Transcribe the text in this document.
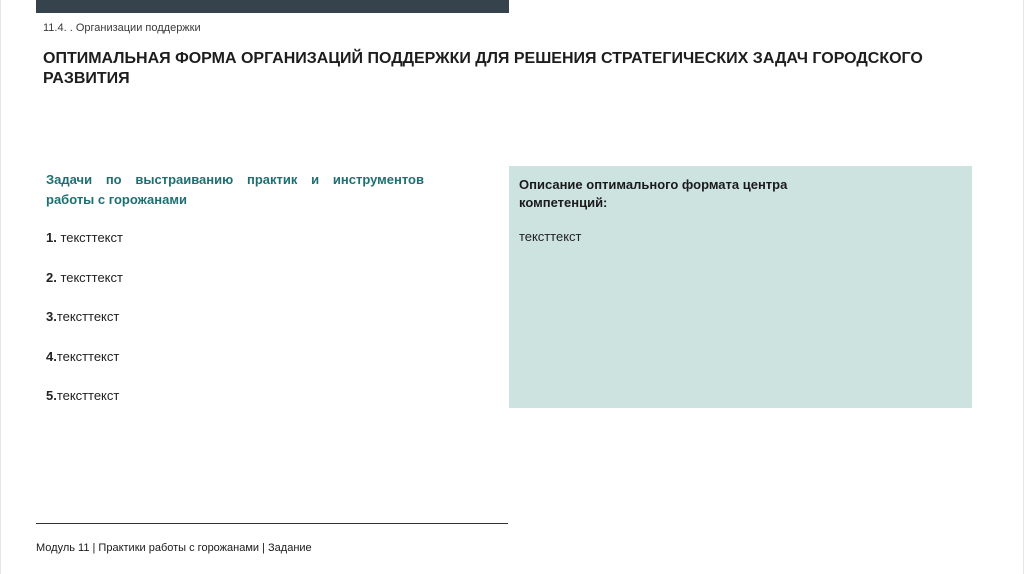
11.4. . Организации поддержки
ОПТИМАЛЬНАЯ ФОРМА ОРГАНИЗАЦИЙ ПОДДЕРЖКИ ДЛЯ РЕШЕНИЯ СТРАТЕГИЧЕСКИХ ЗАДАЧ ГОРОДСКОГО РАЗВИТИЯ
Задачи по выстраиванию практик и инструментов работы с горожанами
1. текcттекст
2. текcттекст
3.текcттекст
4.текcттекст
5.текcттекст
Описание оптимального формата центра компетенций:
текcттекст
Модуль 11 | Практики работы с горожанами | Задание
